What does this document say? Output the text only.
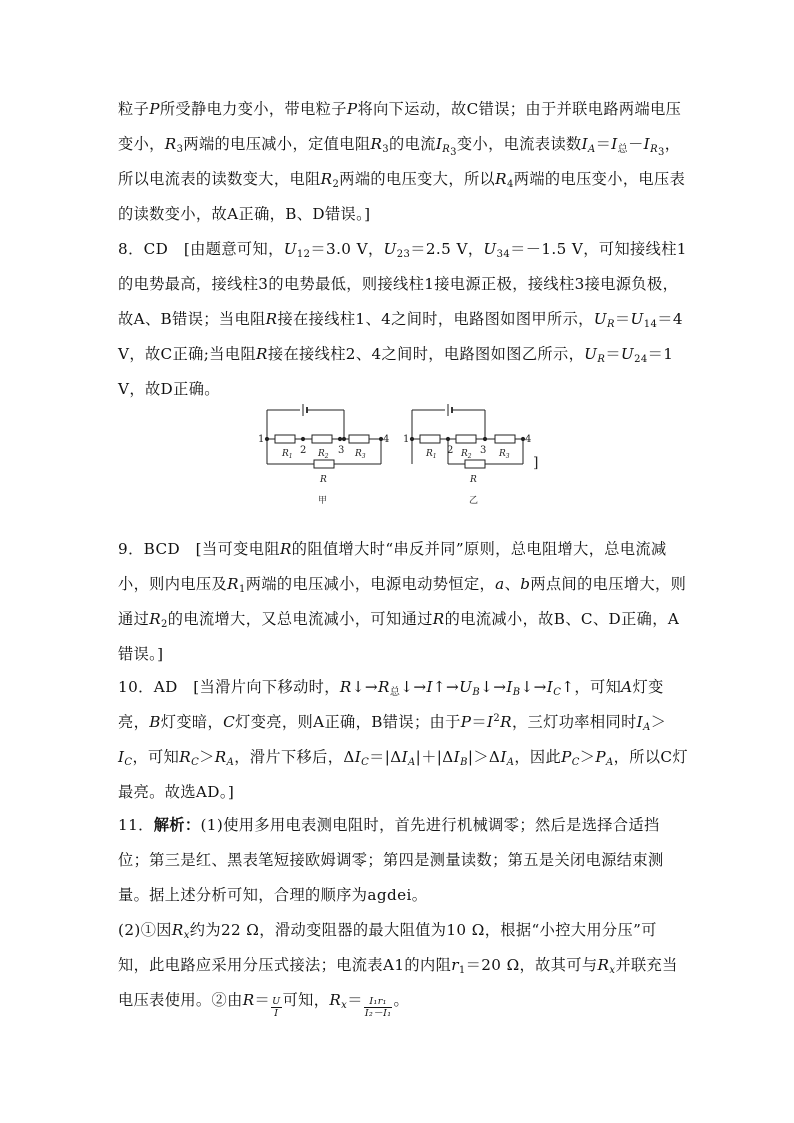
粒子P所受静电力变小，带电粒子P将向下运动，故C错误；由于并联电路两端电压变小，$R_3$两端的电压减小，定值电阻$R_3$的电流$I_{R_3}$变小，电流表读数$I_A=I_总-I_{R_3}$，所以电流表的读数变大，电阻$R_2$两端的电压变大，所以$R_4$两端的电压变小，电压表的读数变小，故A正确，B、D错误。]

8．CD　[由题意可知，$U_{12}=3.0$ V，$U_{23}=2.5$ V，$U_{34}=-1.5$ V，可知接线柱1的电势最高，接线柱3的电势最低，则接线柱1接电源正极，接线柱3接电源负极，故A、B错误；当电阻R接在接线柱1、4之间时，电路图如图甲所示，$U_R=U_{14}=4$ V，故C正确;当电阻R接在接线柱2、4之间时，电路图如图乙所示，$U_R=U_{24}=1$ V，故D正确。

1
2	3
4
$R_1$	$R_2$	$R_3$
R
甲
1
2	3
4
$R_1$	$R_2$	$R_3$
R
乙
]

9．BCD　[当可变电阻R的阻值增大时“串反并同”原则，总电阻增大，总电流减小，则内电压及$R_1$两端的电压减小，电源电动势恒定，a、b两点间的电压增大，则通过$R_2$的电流增大，又总电流减小，可知通过R的电流减小，故B、C、D正确，A错误。]

10．AD　[当滑片向下移动时，$R↓\to R_总↓\to I↑\to U_B↓\to I_B↓\to I_C↑$，可知A灯变亮，B灯变暗，C灯变亮，则A正确，B错误；由于$P=I^2R$，三灯功率相同时$I_A>I_C$，可知$R_C>R_A$，滑片下移后，$\Delta I_C=|\Delta I_A|+|\Delta I_B|>\Delta I_A$，因此$P_C>P_A$，所以C灯最亮。故选AD。]

11．解析：(1)使用多用电表测电阻时，首先进行机械调零；然后是选择合适挡位；第三是红、黑表笔短接欧姆调零；第四是测量读数；第五是关闭电源结束测量。据上述分析可知，合理的顺序为agdei。

(2)①因$R_x$约为22 Ω，滑动变阻器的最大阻值为10 Ω，根据“小控大用分压”可知，此电路应采用分压式接法；电流表A1的内阻$r_1=20$ Ω，故其可与$R_x$并联充当电压表使用。②由$R= \frac{U}{I}$ 可知，$R_x= \frac{\text{I₁r₁}}{\text{I₂－I₁}}$ 。
